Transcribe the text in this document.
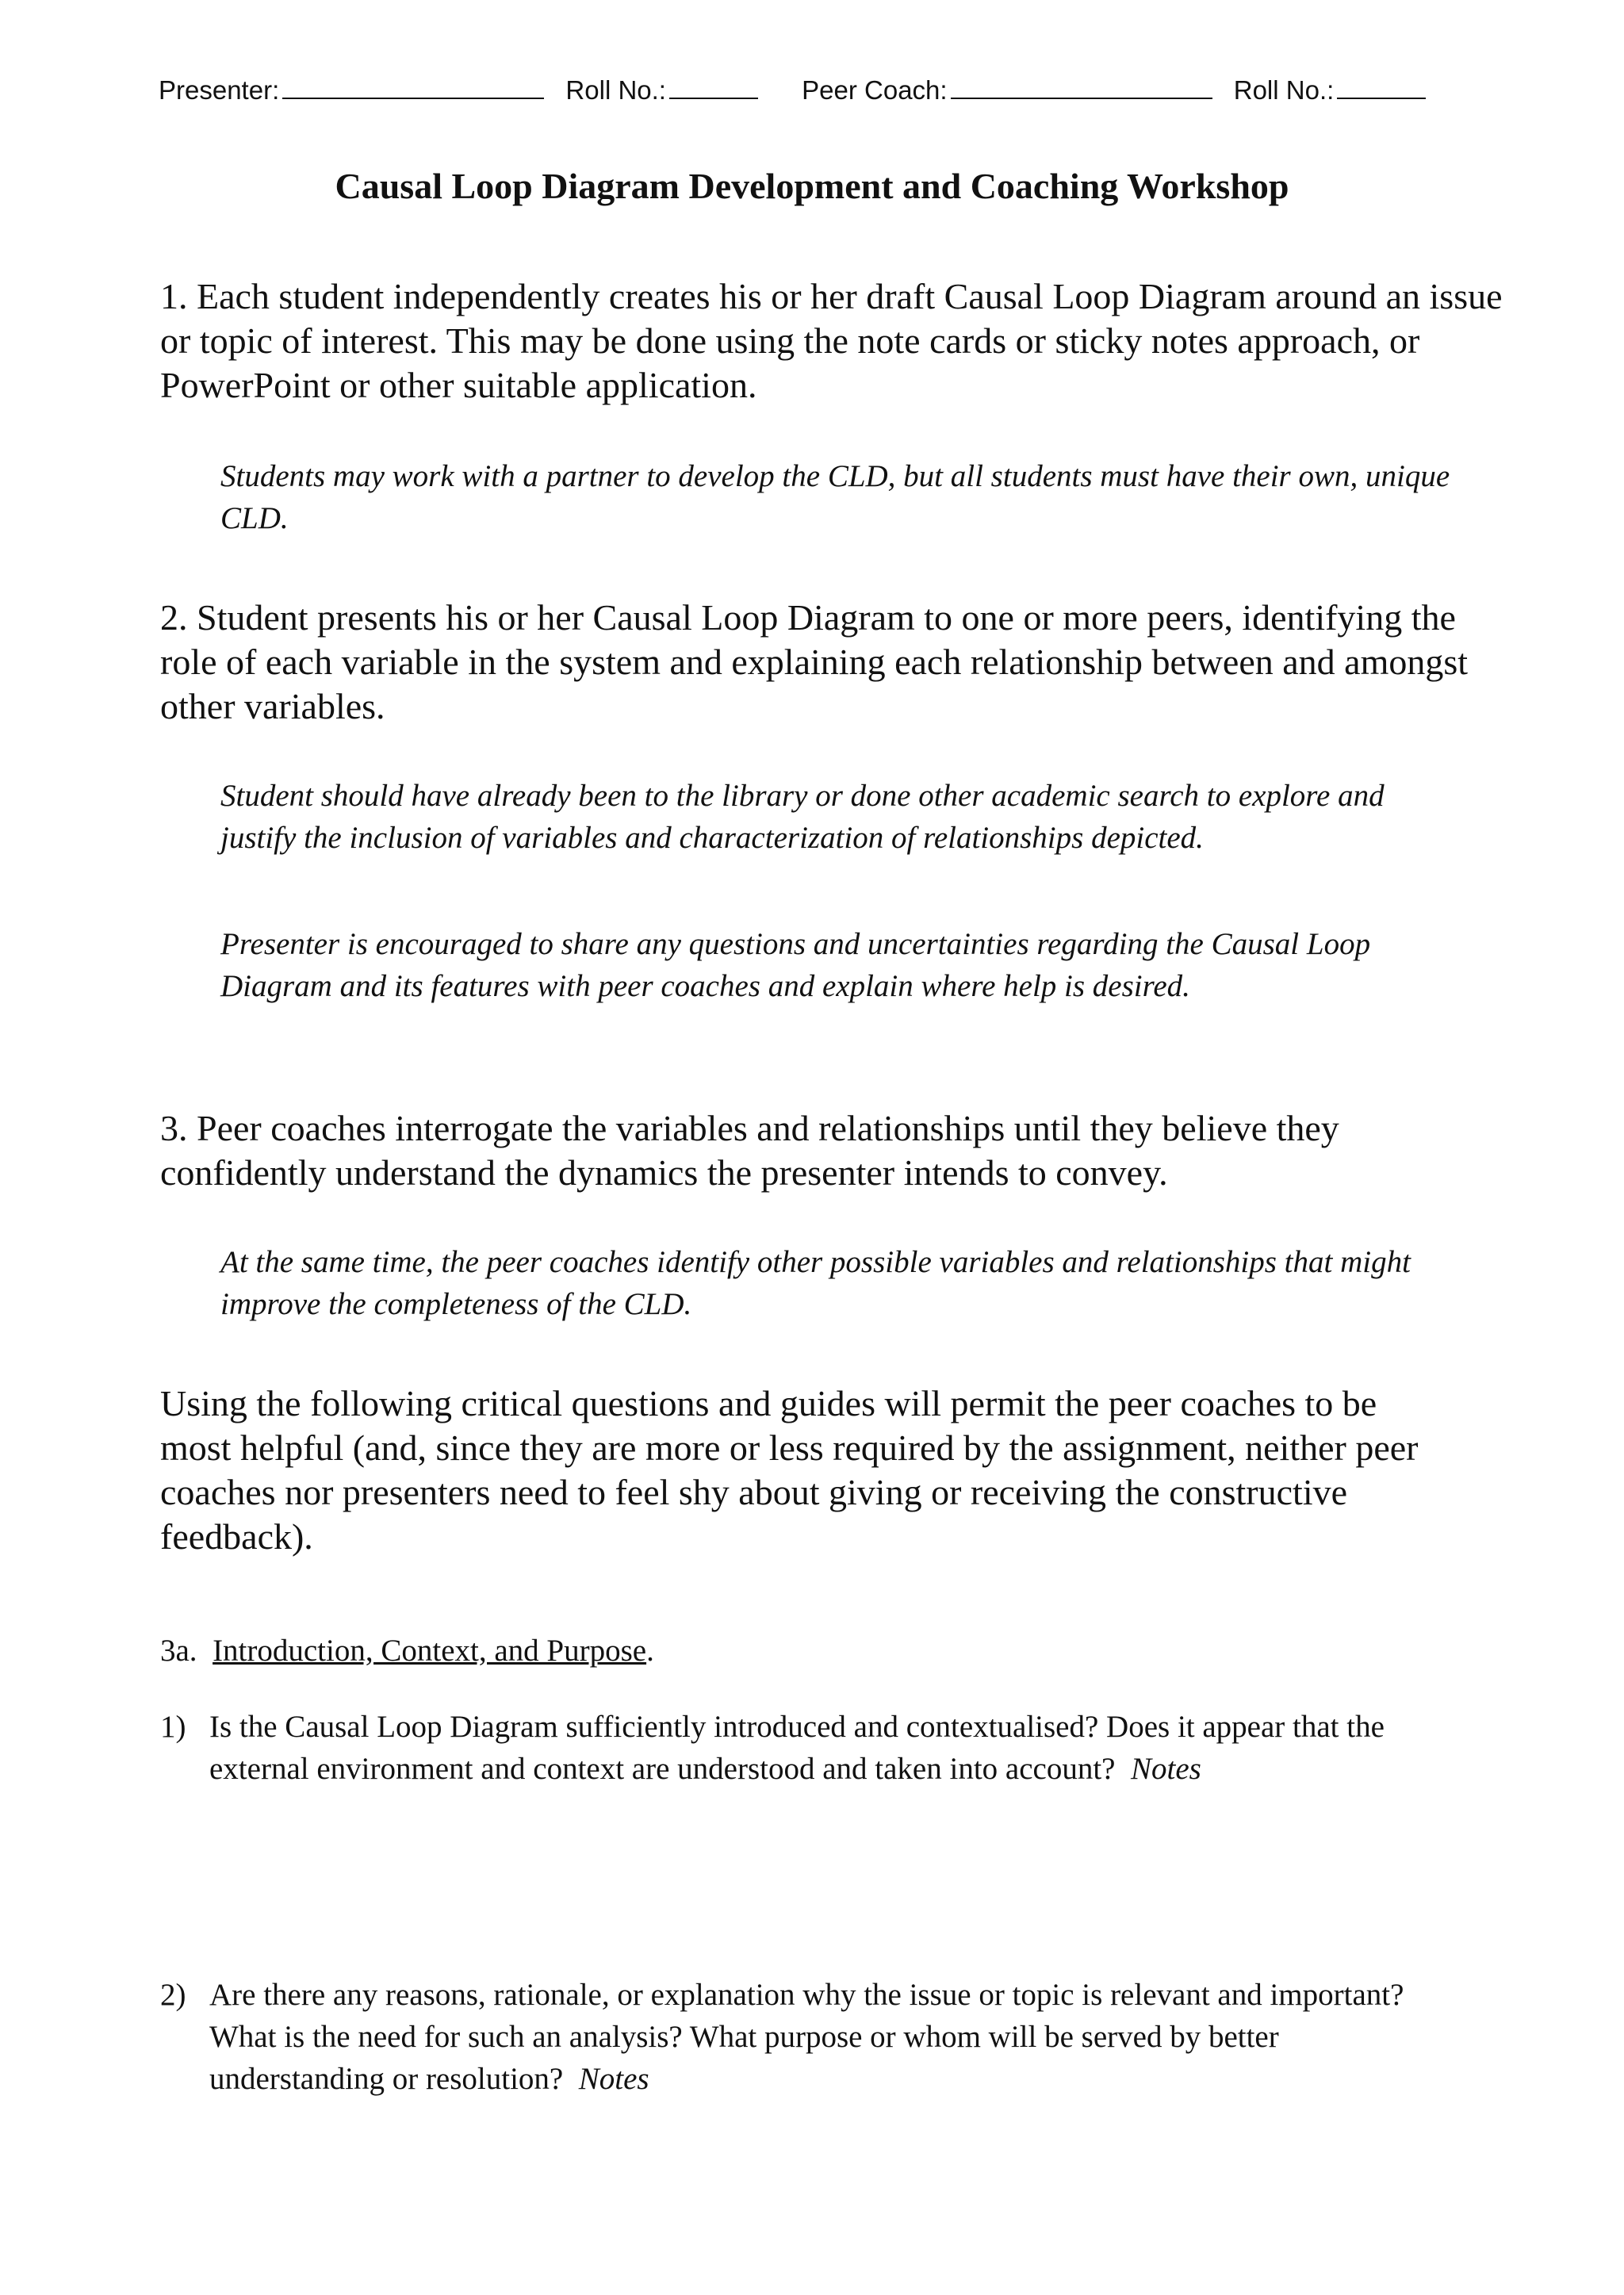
Presenter:	Roll No.:	Peer Coach:	Roll No.:
Causal Loop Diagram Development and Coaching Workshop

1. Each student independently creates his or her draft Causal Loop Diagram around an issue or topic of interest. This may be done using the note cards or sticky notes approach, or PowerPoint or other suitable application.

Students may work with a partner to develop the CLD, but all students must have their own, unique CLD.

2. Student presents his or her Causal Loop Diagram to one or more peers, identifying the role of each variable in the system and explaining each relationship between and amongst other variables.

Student should have already been to the library or done other academic search to explore and justify the inclusion of variables and characterization of relationships depicted.

Presenter is encouraged to share any questions and uncertainties regarding the Causal Loop Diagram and its features with peer coaches and explain where help is desired.

3. Peer coaches interrogate the variables and relationships until they believe they confidently understand the dynamics the presenter intends to convey.

At the same time, the peer coaches identify other possible variables and relationships that might improve the completeness of the CLD.

Using the following critical questions and guides will permit the peer coaches to be most helpful (and, since they are more or less required by the assignment, neither peer coaches nor presenters need to feel shy about giving or receiving the constructive feedback).

3a. Introduction, Context, and Purpose.
1) Is the Causal Loop Diagram sufficiently introduced and contextualised? Does it appear that the external environment and context are understood and taken into account? Notes
2) Are there any reasons, rationale, or explanation why the issue or topic is relevant and important? What is the need for such an analysis? What purpose or whom will be served by better understanding or resolution? Notes
